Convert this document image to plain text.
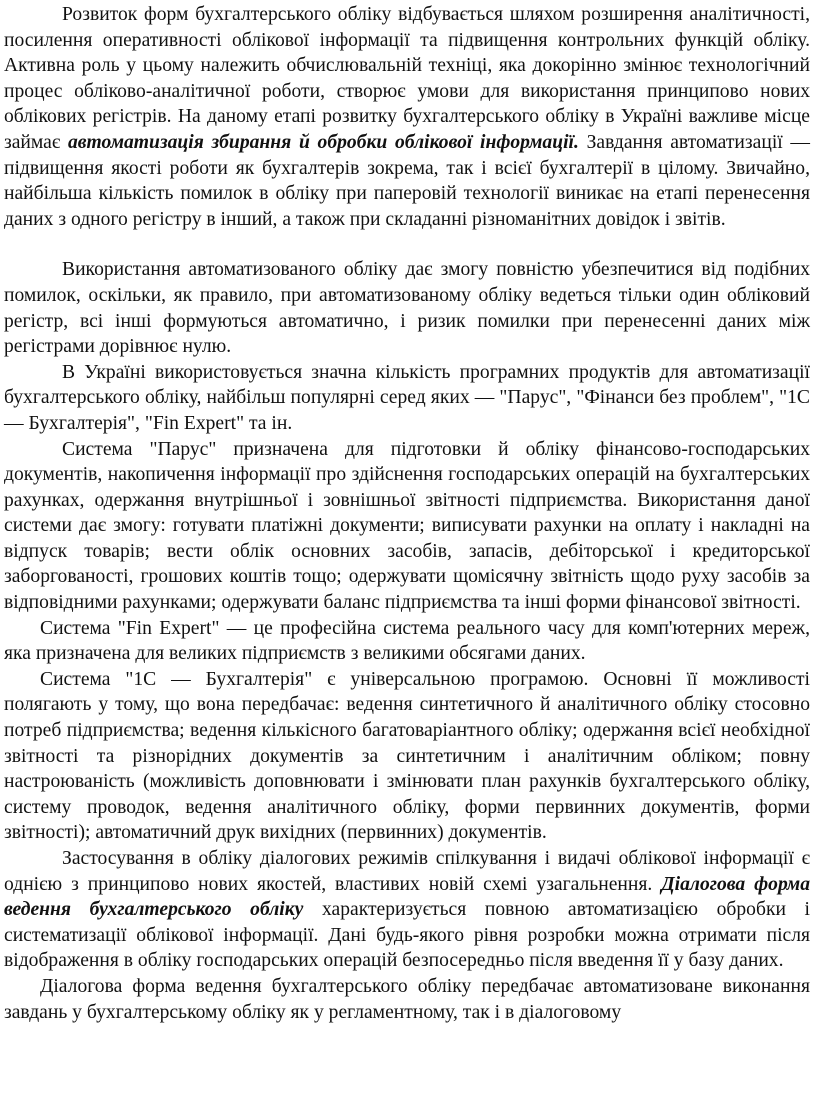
Розвиток форм бухгалтерського обліку відбувається шляхом розширення аналітичності, посилення оперативності облікової інформації та підвищення контрольних функцій обліку. Активна роль у цьому належить обчислювальній техніці, яка докорінно змінює технологічний процес обліково-аналітичної роботи, створює умови для використання принципово нових облікових регістрів. На даному етапі розвитку бухгалтерського обліку в Україні важливе місце займає автоматизація збирання й обробки облікової інформації. Завдання автоматизації — підвищення якості роботи як бухгалтерів зокрема, так і всієї бухгалтерії в цілому. Звичайно, найбільша кількість помилок в обліку при паперовій технології виникає на етапі перенесення даних з одного регістру в інший, а також при складанні різноманітних довідок і звітів.

Використання автоматизованого обліку дає змогу повністю убезпечитися від подібних помилок, оскільки, як правило, при автоматизованому обліку ведеться тільки один обліковий регістр, всі інші формуються автоматично, і ризик помилки при перенесенні даних між регістрами дорівнює нулю.

В Україні використовується значна кількість програмних продуктів для автоматизації бухгалтерського обліку, найбільш популярні серед яких — "Парус", "Фінанси без проблем", "1С — Бухгалтерія", "Fin Expert" та ін.

Система "Парус" призначена для підготовки й обліку фінансово-господарських документів, накопичення інформації про здійснення господарських операцій на бухгалтерських рахунках, одержання внутрішньої і зовнішньої звітності підприємства. Використання даної системи дає змогу: готувати платіжні документи; виписувати рахунки на оплату і накладні на відпуск товарів; вести облік основних засобів, запасів, дебіторської і кредиторської заборгованості, грошових коштів тощо; одержувати щомісячну звітність щодо руху засобів за відповідними рахунками; одержувати баланс підприємства та інші форми фінансової звітності.

Система "Fin Expert" — це професійна система реального часу для комп'ютерних мереж, яка призначена для великих підприємств з великими обсягами даних.

Система "1С — Бухгалтерія" є універсальною програмою. Основні її можливості полягають у тому, що вона передбачає: ведення синтетичного й аналітичного обліку стосовно потреб підприємства; ведення кількісного багатоваріантного обліку; одержання всієї необхідної звітності та різнорідних документів за синтетичним і аналітичним обліком; повну настроюваність (можливість доповнювати і змінювати план рахунків бухгалтерського обліку, систему проводок, ведення аналітичного обліку, форми первинних документів, форми звітності); автоматичний друк вихідних (первинних) документів.

Застосування в обліку діалогових режимів спілкування і видачі облікової інформації є однією з принципово нових якостей, властивих новій схемі узагальнення. Діалогова форма ведення бухгалтерського обліку характеризується повною автоматизацією обробки і систематизації облікової інформації. Дані будь-якого рівня розробки можна отримати після відображення в обліку господарських операцій безпосередньо після введення її у базу даних.

Діалогова форма ведення бухгалтерського обліку передбачає автоматизоване виконання завдань у бухгалтерському обліку як у регламентному, так і в діалоговому
